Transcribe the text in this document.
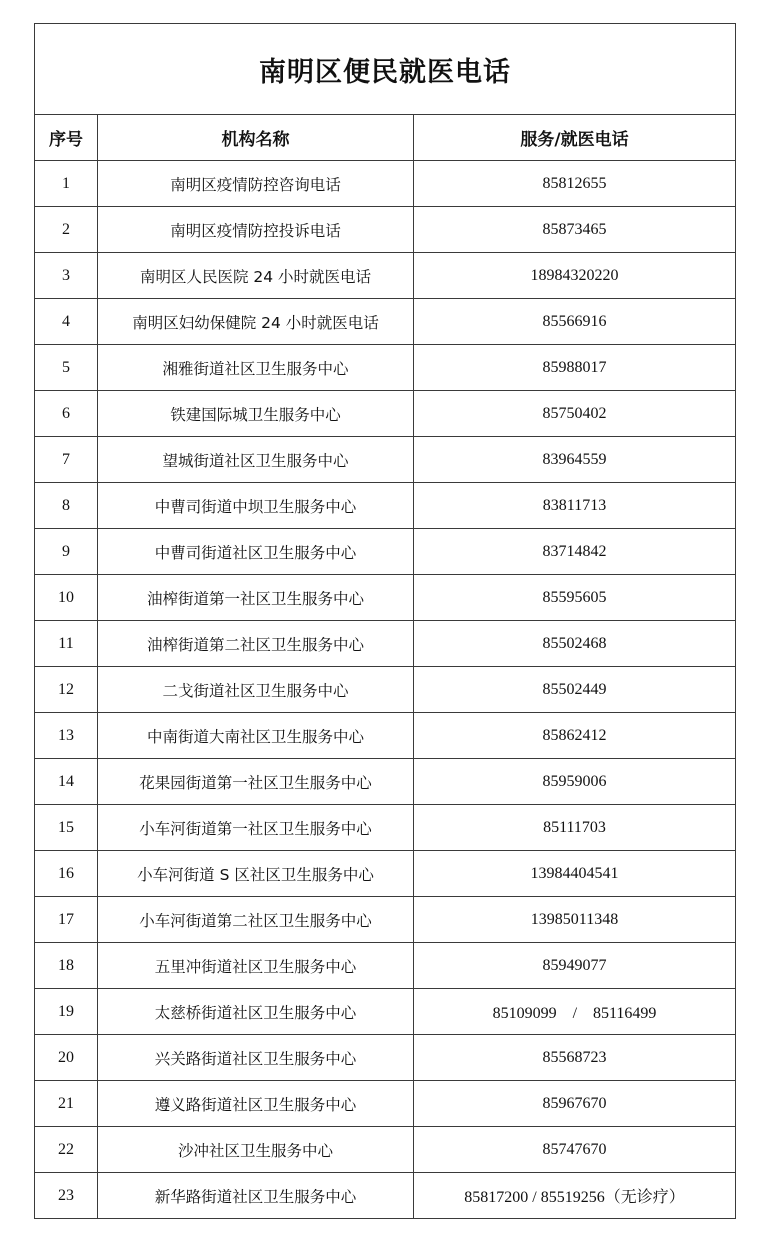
南明区便民就医电话		
序号	机构名称	服务/就医电话
1	南明区疫情防控咨询电话	85812655
2	南明区疫情防控投诉电话	85873465
3	南明区人民医院 24 小时就医电话	18984320220
4	南明区妇幼保健院 24 小时就医电话	85566916
5	湘雅街道社区卫生服务中心	85988017
6	铁建国际城卫生服务中心	85750402
7	望城街道社区卫生服务中心	83964559
8	中曹司街道中坝卫生服务中心	83811713
9	中曹司街道社区卫生服务中心	83714842
10	油榨街道第一社区卫生服务中心	85595605
11	油榨街道第二社区卫生服务中心	85502468
12	二戈街道社区卫生服务中心	85502449
13	中南街道大南社区卫生服务中心	85862412
14	花果园街道第一社区卫生服务中心	85959006
15	小车河街道第一社区卫生服务中心	85111703
16	小车河街道 S 区社区卫生服务中心	13984404541
17	小车河街道第二社区卫生服务中心	13985011348
18	五里冲街道社区卫生服务中心	85949077
19	太慈桥街道社区卫生服务中心	85109099　/　85116499
20	兴关路街道社区卫生服务中心	85568723
21	遵义路街道社区卫生服务中心	85967670
22	沙冲社区卫生服务中心	85747670
23	新华路街道社区卫生服务中心	85817200 / 85519256（无诊疗）
